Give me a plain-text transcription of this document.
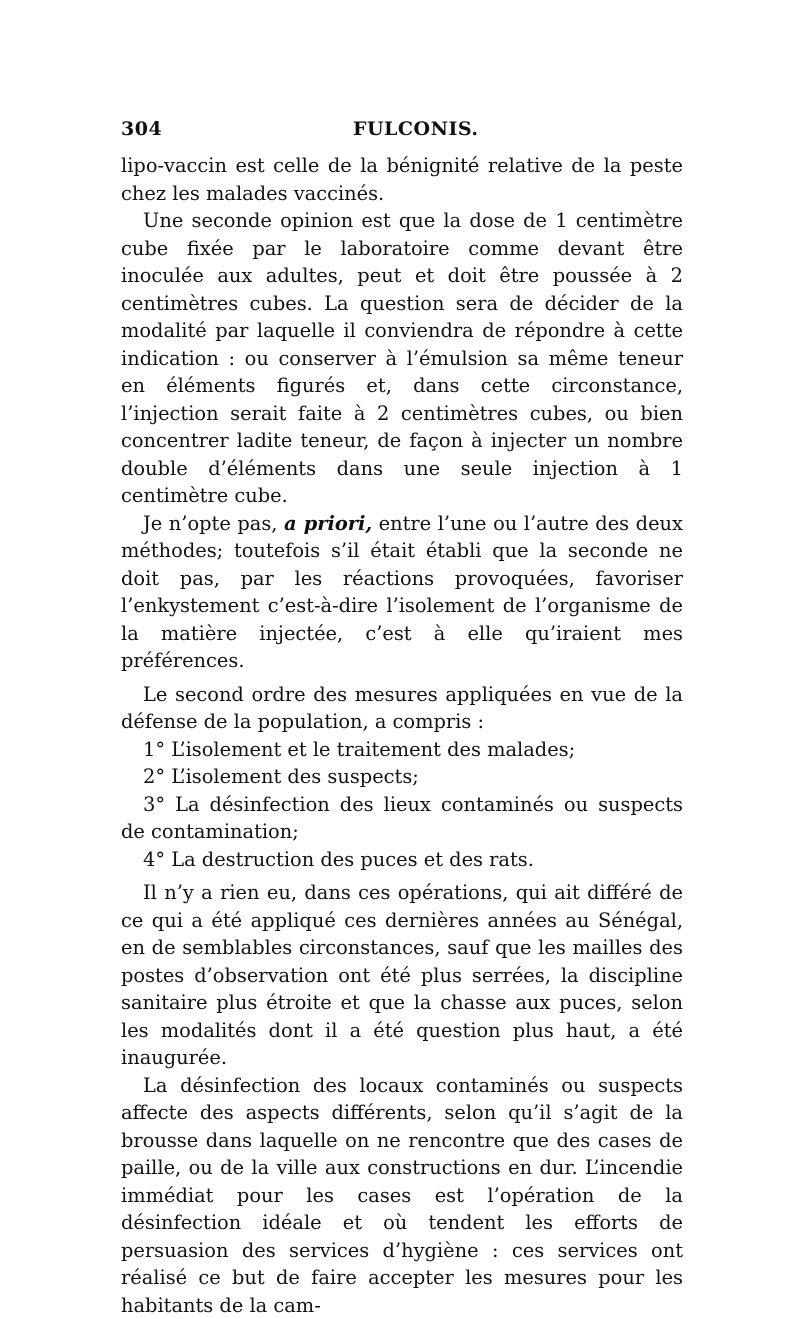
304	FULCONIS.

lipo-vaccin est celle de la bénignité relative de la peste chez les malades vaccinés.

Une seconde opinion est que la dose de 1 centimètre cube fixée par le laboratoire comme devant être inoculée aux adultes, peut et doit être poussée à 2 centimètres cubes. La question sera de décider de la modalité par laquelle il conviendra de répondre à cette indication : ou conserver à l’émulsion sa même teneur en éléments figurés et, dans cette circonstance, l’injection serait faite à 2 centimètres cubes, ou bien concentrer ladite teneur, de façon à injecter un nombre double d’éléments dans une seule injection à 1 centimètre cube.

Je n’opte pas, a priori, entre l’une ou l’autre des deux méthodes; toutefois s’il était établi que la seconde ne doit pas, par les réactions provoquées, favoriser l’enkystement c’est-à-dire l’isolement de l’organisme de la matière injectée, c’est à elle qu’iraient mes préférences.

Le second ordre des mesures appliquées en vue de la défense de la population, a compris :

1° L’isolement et le traitement des malades;

2° L’isolement des suspects;

3° La désinfection des lieux contaminés ou suspects de contamination;

4° La destruction des puces et des rats.

Il n’y a rien eu, dans ces opérations, qui ait différé de ce qui a été appliqué ces dernières années au Sénégal, en de semblables circonstances, sauf que les mailles des postes d’observation ont été plus serrées, la discipline sanitaire plus étroite et que la chasse aux puces, selon les modalités dont il a été question plus haut, a été inaugurée.

La désinfection des locaux contaminés ou suspects affecte des aspects différents, selon qu’il s’agit de la brousse dans laquelle on ne rencontre que des cases de paille, ou de la ville aux constructions en dur. L’incendie immédiat pour les cases est l’opération de la désinfection idéale et où tendent les efforts de persuasion des services d’hygiène : ces services ont réalisé ce but de faire accepter les mesures pour les habitants de la cam-
